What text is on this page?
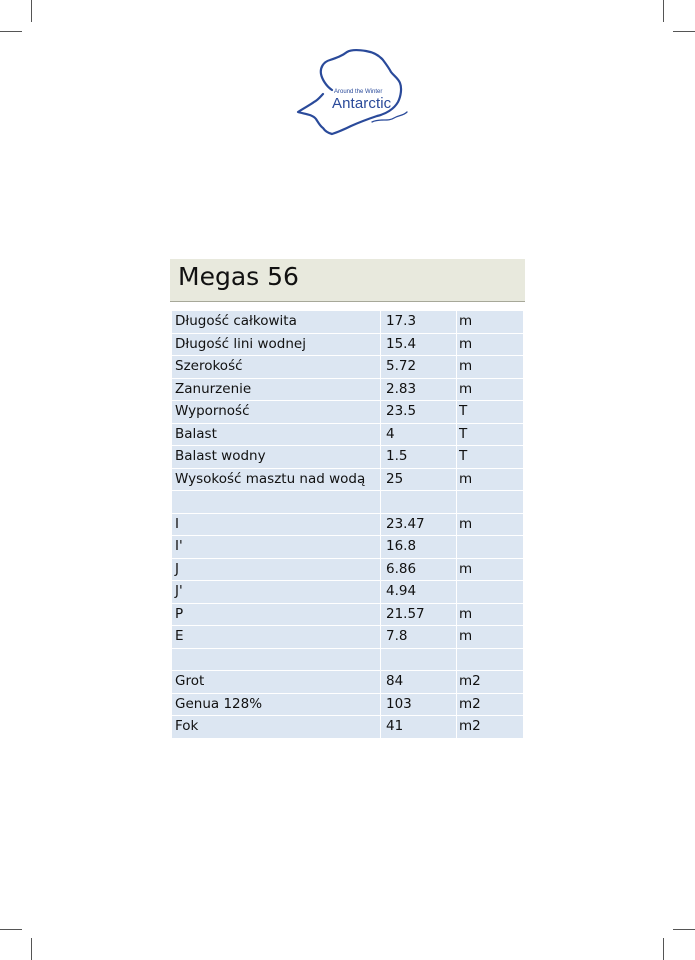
Around the Winter
Antarctic
Megas 56
Długość całkowita	17.3	m
Długość lini wodnej	15.4	m
Szerokość	5.72	m
Zanurzenie	2.83	m
Wyporność	23.5	T
Balast	4	T
Balast wodny	1.5	T
Wysokość masztu nad wodą	25	m

I	23.47	m
I'	16.8	
J	6.86	m
J'	4.94	
P	21.57	m
E	7.8	m

Grot	84	m2
Genua 128%	103	m2
Fok	41	m2
